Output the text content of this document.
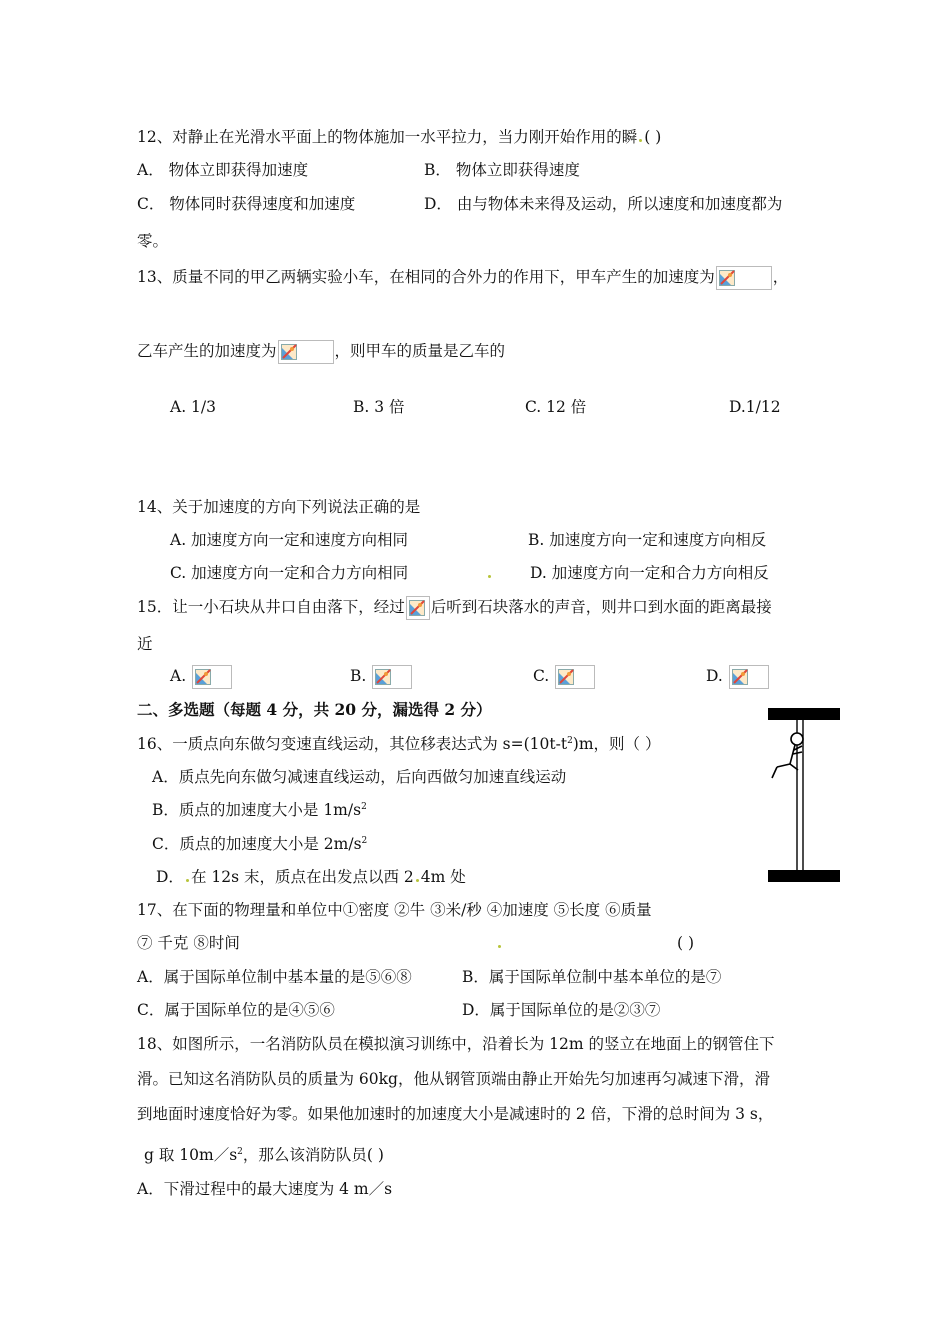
12、对静止在光滑水平面上的物体施加一水平拉力，当力刚开始作用的瞬 ( )
A． 物体立即获得加速度	B． 物体立即获得速度
C． 物体同时获得速度和加速度	D． 由与物体未来得及运动，所以速度和加速度都为
零。
13、质量不同的甲乙两辆实验小车，在相同的合外力的作用下，甲车产生的加速度为	，
乙车产生的加速度为	，则甲车的质量是乙车的
A. 1/3	B. 3 倍	C. 12 倍	D.1/12
14、关于加速度的方向下列说法正确的是
A. 加速度方向一定和速度方向相同	B. 加速度方向一定和速度方向相反
C. 加速度方向一定和合力方向相同	D. 加速度方向一定和合力方向相反
15．让一小石块从井口自由落下，经过 后听到石块落水的声音，则井口到水面的距离最接
近
A.	B.	C.	D.
二、多选题（每题 4 分，共 20 分，漏选得 2 分）
16、一质点向东做匀变速直线运动，其位移表达式为 $s=(10t-t^2)m$，则（ ）
A．质点先向东做匀减速直线运动，后向西做匀加速直线运动
B．质点的加速度大小是 $1m/s^2$
C．质点的加速度大小是 $2m/s^2$
D． 在 12s 末，质点在出发点以西 2 4m 处
17、在下面的物理量和单位中①密度 ②牛 ③米/秒 ④加速度 ⑤长度 ⑥质量
⑦ 千克 ⑧时间	( )
A．属于国际单位制中基本量的是⑤⑥⑧	B．属于国际单位制中基本单位的是⑦
C．属于国际单位的是④⑤⑥	D．属于国际单位的是②③⑦
18、如图所示，一名消防队员在模拟演习训练中，沿着长为 12m 的竖立在地面上的钢管住下
滑。已知这名消防队员的质量为 60kg，他从钢管顶端由静止开始先匀加速再匀减速下滑，滑
到地面时速度恰好为零。如果他加速时的加速度大小是减速时的 2 倍，下滑的总时间为 3 s，
g 取 $10m/s^2$，那么该消防队员( )
A．下滑过程中的最大速度为 4 m／s
